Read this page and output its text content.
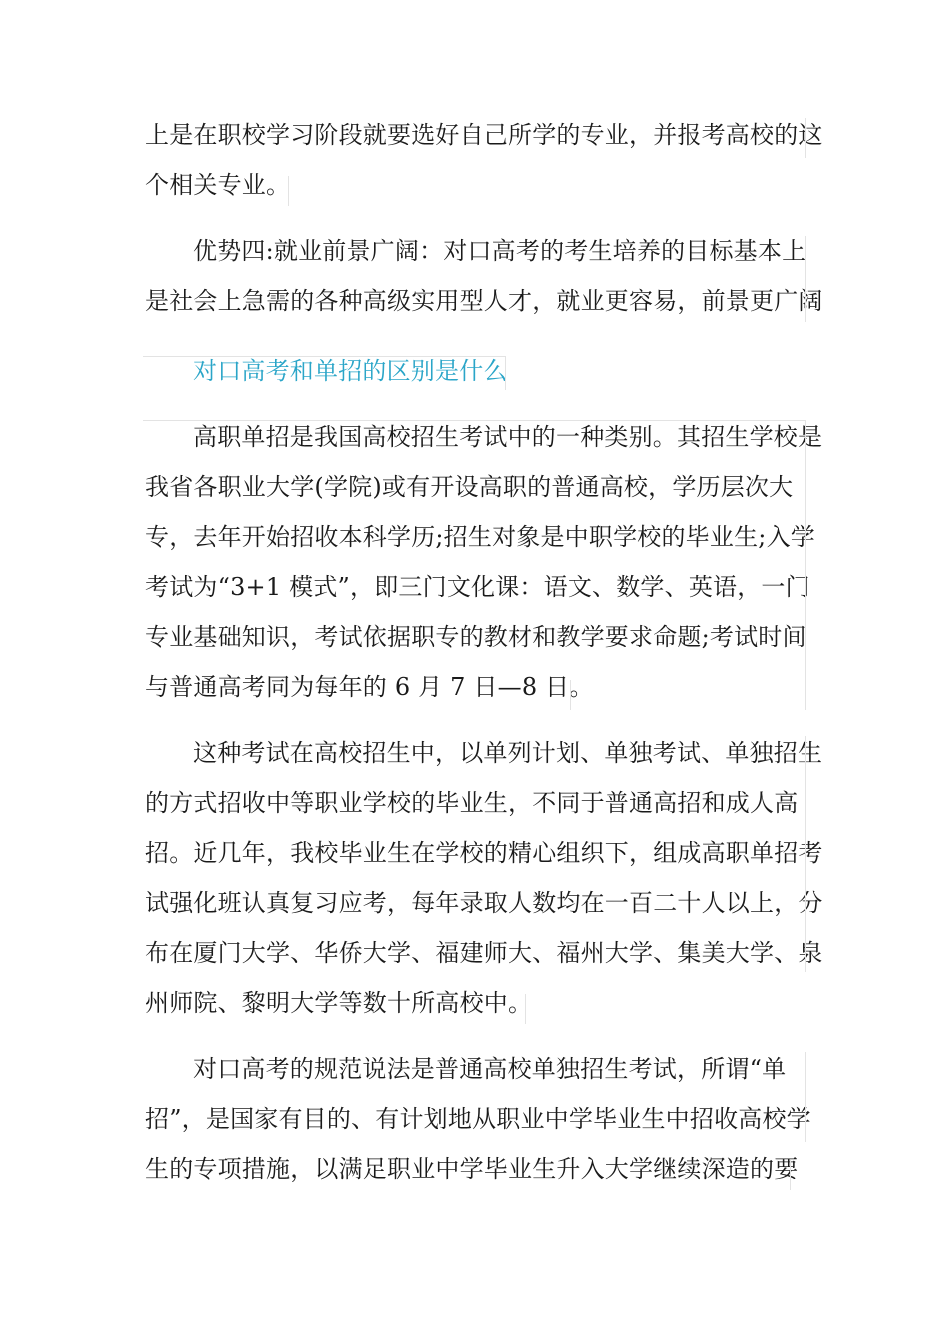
上是在职校学习阶段就要选好自己所学的专业，并报考高校的这
个相关专业。
优势四:就业前景广阔：对口高考的考生培养的目标基本上
是社会上急需的各种高级实用型人才，就业更容易，前景更广阔
对口高考和单招的区别是什么
高职单招是我国高校招生考试中的一种类别。其招生学校是
我省各职业大学(学院)或有开设高职的普通高校，学历层次大
专，去年开始招收本科学历;招生对象是中职学校的毕业生;入学
考试为“3+1 模式”，即三门文化课：语文、数学、英语，一门
专业基础知识，考试依据职专的教材和教学要求命题;考试时间
与普通高考同为每年的 6 月 7 日—8 日。
这种考试在高校招生中，以单列计划、单独考试、单独招生
的方式招收中等职业学校的毕业生，不同于普通高招和成人高
招。近几年，我校毕业生在学校的精心组织下，组成高职单招考
试强化班认真复习应考，每年录取人数均在一百二十人以上，分
布在厦门大学、华侨大学、福建师大、福州大学、集美大学、泉
州师院、黎明大学等数十所高校中。
对口高考的规范说法是普通高校单独招生考试，所谓“单
招”，是国家有目的、有计划地从职业中学毕业生中招收高校学
生的专项措施，以满足职业中学毕业生升入大学继续深造的要
